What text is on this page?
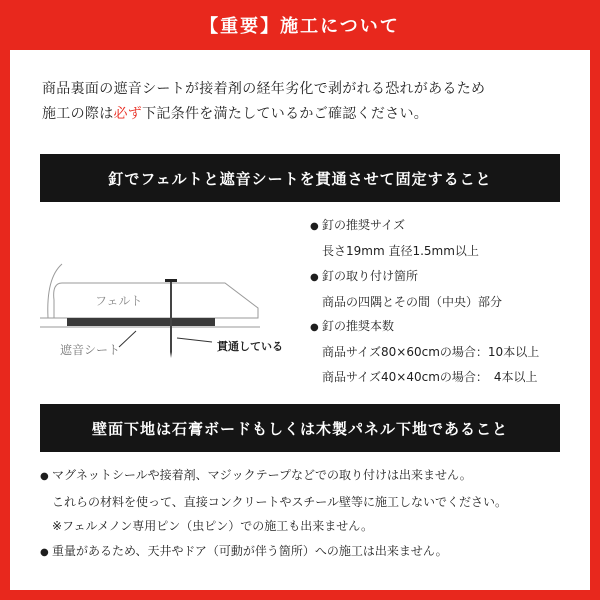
【重要】施工について
商品裏面の遮音シートが接着剤の経年劣化で剥がれる恐れがあるため
施工の際は必ず下記条件を満たしているかご確認ください。
釘でフェルトと遮音シートを貫通させて固定すること
フェルト
遮音シート	貫通している
● 釘の推奨サイズ
長さ19mm 直径1.5mm以上
● 釘の取り付け箇所
商品の四隅とその間（中央）部分
● 釘の推奨本数
商品サイズ80×60cmの場合：10本以上
商品サイズ40×40cmの場合：　4本以上
壁面下地は石膏ボードもしくは木製パネル下地であること
● マグネットシールや接着剤、マジックテープなどでの取り付けは出来ません。
これらの材料を使って、直接コンクリートやスチール壁等に施工しないでください。
※フェルメノン専用ピン（虫ピン）での施工も出来ません。
● 重量があるため、天井やドア（可動が伴う箇所）への施工は出来ません。
